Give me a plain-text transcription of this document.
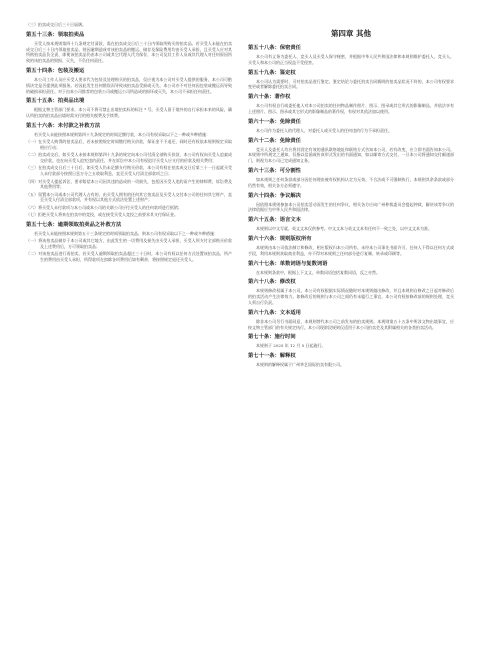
（三）拍卖成交日后三十日届满。

第五十三条：领取拍卖品

买受人按本规则第四十九条规定付清款，需在拍卖成交日后三十日内领取所购买的拍卖品。若买受人未能在拍卖成交日后三十日内领取拍卖品，则因逾期造成对该拍卖品的搬运、储存及保险费用均由买受人承担，且买受人应对其所购拍卖品负全责，即使该拍卖品仍由本公司或其它代理人代为保存，本公司及其工作人员或其代理人对任何原因所致的该拍卖品的毁损、灭失，不负任何责任。

第五十四条：包装及搬运

本公司工作人员应买受人要求代为包装及处理购买的拍卖品，仅应视为本公司对买受人提供的服务，本公司可酌情决定是否提供此项服务。若因此发生任何错误而导致该拍卖品受损或灭失，本公司亦不对任何因包装或搬运而导致的破损承担责任。对于由本公司推荐的包装公司或搬运公司所造成的损坏或灭失，本公司不承担任何责任。

第五十五条：拍卖品出境

根据文物主管部门要求，本公司不将可禁止出境拍卖标的标注 * 号。买受人留于境外的自行承担本来的风险，确认所拍卖的拍卖品出境时需支付的相关税费及手续费。

第五十六条：未付款之补救方法

若买受人未能按照本规则第四十九条规定的时间足额付款，本公司有权采取以下之一种或多种措施：

（一）在买受人购得的拍卖品后，若未按照规定时间缴付购买价款，保证金不予退还，同时还有权依本规则规定采取相应行动；

（二）拍卖成交后，如买受人未按本规则第四十九条的规定向本公司付清全部购买价款，本公司有权向买受人追索成交价款。也在向买受人追究违约责任，并在诉讼中本公司有权追讨买受人应支付的价款及相关费用；

（三）在拍卖成交日后三十日后，如买受人仍未足额支付购买价款，本公司有权在拍卖成交日后第三十一日起就买受人未付款部分按照日息万分之五收取利息，直至买受人付清全部款项之日；

（四）对买受人提起诉讼，要求赔偿本公司因其违约造成的一切损失，包括因买受人违约而产生的律师费、诉讼费及其他费用等；

（五）留置本公司或本公司代理人占有的、由买受人拥有的任何其它拍卖品及买受人交付本公司的任何其它财产，直至买受人付清全部款项，并有权以其他方式依法处置上述财产；

（六）将买受人未付款项与本公司或本公司的关联公司应付买受人的任何款项进行抵销；

（七）拒绝买受人将来在拍卖中的竞投，或在接受买受人竞投之前要求其支付保证金。

第五十七条：逾期领取拍卖品之补救方法

若买受人未能按照本规则第五十三条规定的时间领取拍卖品，则本公司有权采取以下之一种或多种措施：

（一）将该拍卖品储存于本公司或其它地方，由此发生的一切费用及损失由买受人承担，买受人须支付全部购买价款及上述费用后，方可领取拍卖品；

（二）对该拍卖品进行再拍卖，若买受人逾期领取拍卖品超过三十日时，本公司有权以任何方式处置该拍卖品，所产生的费用由买受人承担，所得款项在扣除各项费用后如有剩余，将按照规定退还买受人。

第四章 其他
第五十八条：保密责任

本公司有义务为委托人、竞买人及买受人保守秘密，并根据中华人民共和国法律和本规则维护委托人、竞买人、买受人和本公司的正当权益不受侵害。

第五十九条：鉴定权

本公司认为需要时，可对拍卖品进行鉴定。鉴定结论与委托拍卖合同载明的拍卖品状况不符的，本公司有权要求变更或者解除委托拍卖合同。

第六十条：著作权

本公司有权自行或委托他人对本公司拍卖的任何物品制作照片、图示、图录或其它形式的影像制品，并依法享有上述照片、图示、图录或其它形式的影像制品的著作权，有权对其依法加以使用。

第六十一条：免除责任

本公司作为委托人的代理人，对委托人或买受人的任何违约行为不承担责任。

第六十二条：免除责任

竞买人及委托人均应将其固定有效的通讯联络地址和联络方式告知本公司，若有改变，应立即书面告知本公司。本规则中所规定之通知，仅指以信函或传真形式发出的书面通知，如以邮寄方式交付，一旦本公司将通知交付邮递部门，则视为本公司已完成通知义务。

第六十三条：可分割性

如本规则之任何条款或部分因任何理由被有权机构认定为无效、不合法或不可强制执行，本规则其余条款或部分仍然有效，相关各方必须遵守。

第六十四条：争议解决

因依照本规则参加本公司拍卖活动而发生的任何争议，相关各方应向广州仲裁委员会提起仲裁，解决该等争议的法律依据应为中华人民共和国法律。

第六十五条：语言文本

本规则以中文写就，英文文本仅供参考。中文文本与英文文本有任何不一致之处，以中文文本为准。

第六十六条：规则版权所有

本规则由本公司依法制订和修改，相应版权归本公司所有。未经本公司事先书面许可，任何人不得以任何方式或手段，利用本规则获取商业利益，亦不得对本规则之任何部分进行复制、转录或印刷等。

第六十七条：单数词语与复数词语

在本规则条款中，根据上下文义，单数词语包括复数词语，反之亦然。

第六十八条：修改权

本规则修改权属于本公司。本公司有权根据实际情况随时对本规则做出修改，并且本规则自修改之日起对修改后的拍卖活动产生法律效力。如修改后的规则与本公司之间仍有未履行之事宜，本公司有权按修改前的规则处理，竞买人须自行负责。

第六十九条：文本适用

除非本公司另行书面同意，本规则替代本公司之前发布的拍卖规则。本规则第五十五条中所涉文物出境事宜，应按文物主管部门的有关规定执行。本公司现阶段规则仅适用于本公司拍卖会及其附属相关的各类拍卖活动。

第七十条：施行时间

本规则于 2025 年 12 月 5 日起施行。

第七十一条：解释权

本规则的解释权属于广州华艺国际拍卖有限公司。
